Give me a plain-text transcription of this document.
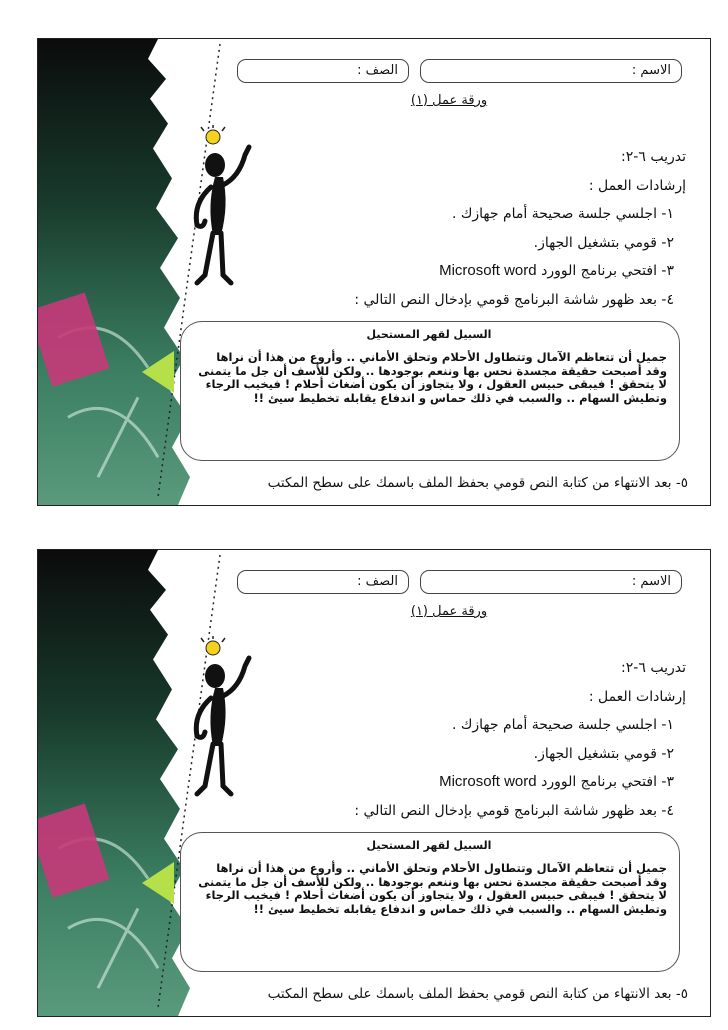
الاسم :
الصف :
ورقة عمل (١)
تدريب ٦-٢:
إرشادات العمل :
١- اجلسي جلسة صحيحة أمام جهازك .
٢- قومي بتشغيل الجهاز.
٣- افتحي برنامج الوورد Microsoft word
٤- بعد ظهور شاشة البرنامج قومي بإدخال النص التالي :
السبيل لقهر المستحيل
جميل أن تتعاظم الآمال وتتطاول الأحلام وتحلق الأماني .. وأروع من هذا أن نراها وقد أصبحت حقيقة مجسدة نحس بها وننعم بوجودها .. ولكن للأسف أن جل ما يتمنى لا يتحقق ! فيبقى حبيس العقول ، ولا يتجاوز أن يكون أضغاث أحلام ! فيخيب الرجاء وتطيش السهام .. والسبب في ذلك حماس و اندفاع يقابله تخطيط سيئ !!
٥- بعد الانتهاء من كتابة النص قومي بحفظ الملف باسمك على سطح المكتب
الاسم :
الصف :
ورقة عمل (١)
تدريب ٦-٢:
إرشادات العمل :
١- اجلسي جلسة صحيحة أمام جهازك .
٢- قومي بتشغيل الجهاز.
٣- افتحي برنامج الوورد Microsoft word
٤- بعد ظهور شاشة البرنامج قومي بإدخال النص التالي :
السبيل لقهر المستحيل
جميل أن تتعاظم الآمال وتتطاول الأحلام وتحلق الأماني .. وأروع من هذا أن نراها وقد أصبحت حقيقة مجسدة نحس بها وننعم بوجودها .. ولكن للأسف أن جل ما يتمنى لا يتحقق ! فيبقى حبيس العقول ، ولا يتجاوز أن يكون أضغاث أحلام ! فيخيب الرجاء وتطيش السهام .. والسبب في ذلك حماس و اندفاع يقابله تخطيط سيئ !!
٥- بعد الانتهاء من كتابة النص قومي بحفظ الملف باسمك على سطح المكتب
